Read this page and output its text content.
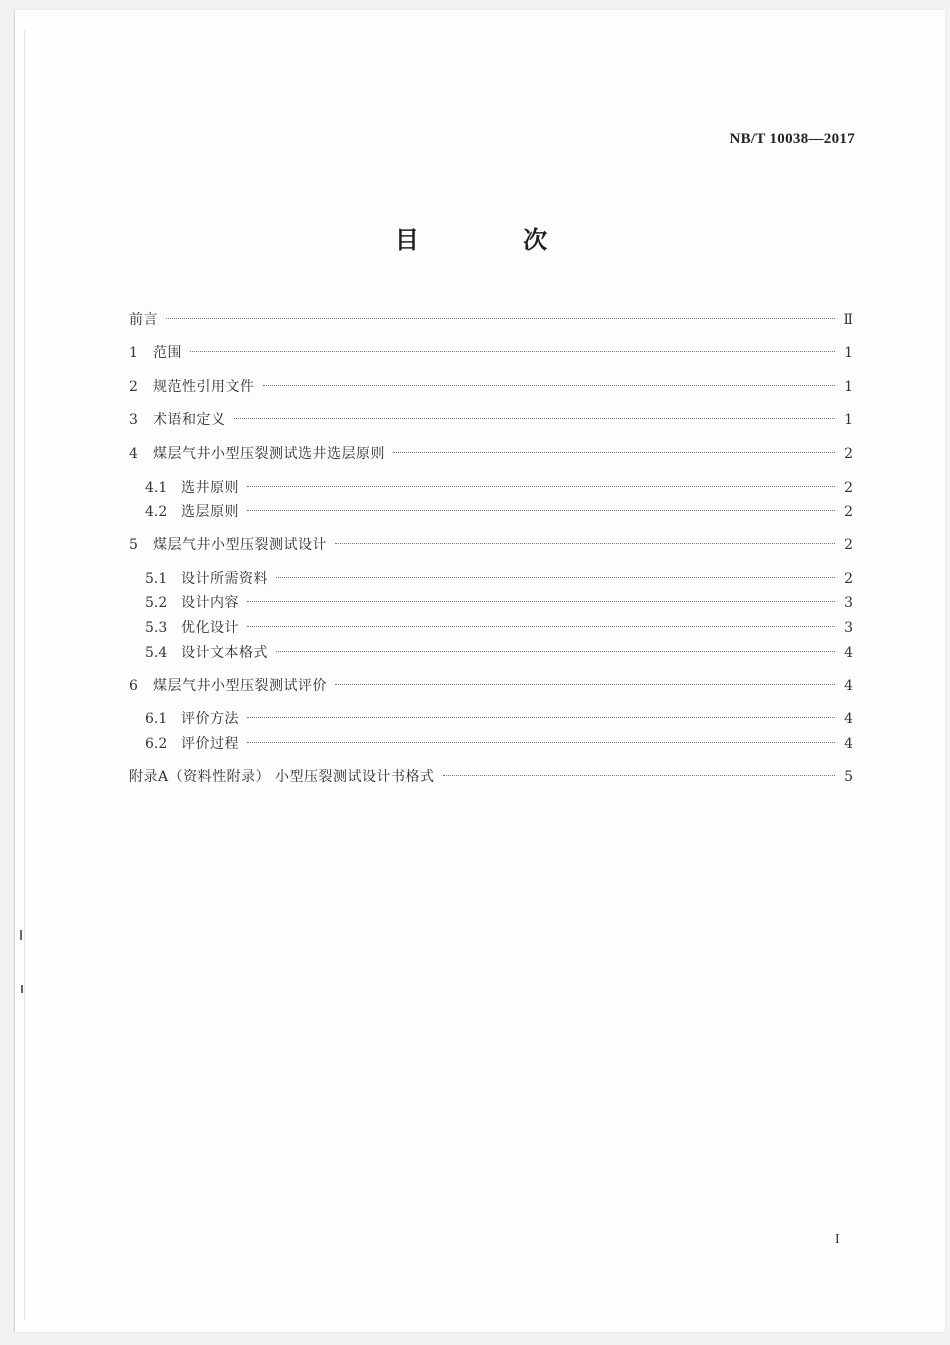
NB/T 10038—2017
目 次
前言	Ⅱ
1	范围	1
2	规范性引用文件	1
3	术语和定义	1
4	煤层气井小型压裂测试选井选层原则	2
4.1 选井原则	2
4.2 选层原则	2
5	煤层气井小型压裂测试设计	2
5.1 设计所需资料	2
5.2 设计内容	3
5.3 优化设计	3
5.4 设计文本格式	4
6	煤层气井小型压裂测试评价	4
6.1 评价方法	4
6.2 评价过程	4
附录A（资料性附录） 小型压裂测试设计书格式	5
I
